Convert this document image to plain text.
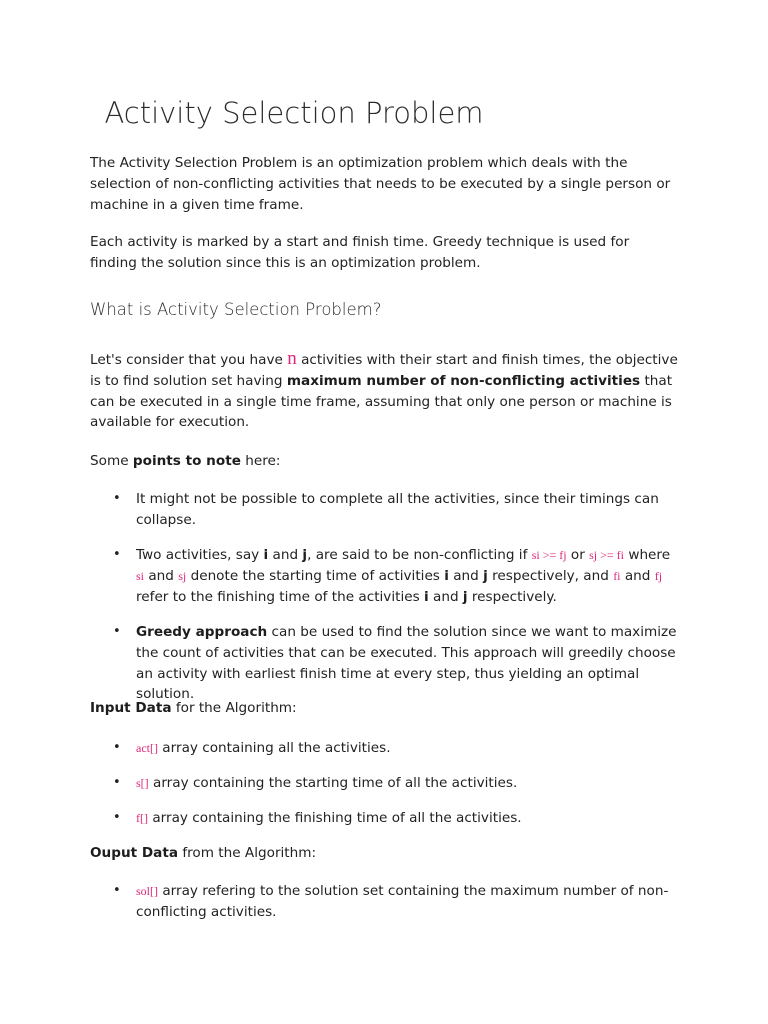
Activity Selection Problem

The Activity Selection Problem is an optimization problem which deals with the selection of non-conflicting activities that needs to be executed by a single person or machine in a given time frame.

Each activity is marked by a start and finish time. Greedy technique is used for finding the solution since this is an optimization problem.

What is Activity Selection Problem?

Let's consider that you have n activities with their start and finish times, the objective is to find solution set having maximum number of non-conflicting activities that can be executed in a single time frame, assuming that only one person or machine is available for execution.

Some points to note here:

• It might not be possible to complete all the activities, since their timings can collapse.
• Two activities, say i and j, are said to be non-conflicting if si >= fj or sj >= fi where si and sj denote the starting time of activities i and j respectively, and fi and fj refer to the finishing time of the activities i and j respectively.
• Greedy approach can be used to find the solution since we want to maximize the count of activities that can be executed. This approach will greedily choose an activity with earliest finish time at every step, thus yielding an optimal solution.

Input Data for the Algorithm:

• act[] array containing all the activities.
• s[] array containing the starting time of all the activities.
• f[] array containing the finishing time of all the activities.

Ouput Data from the Algorithm:

• sol[] array refering to the solution set containing the maximum number of non-conflicting activities.
